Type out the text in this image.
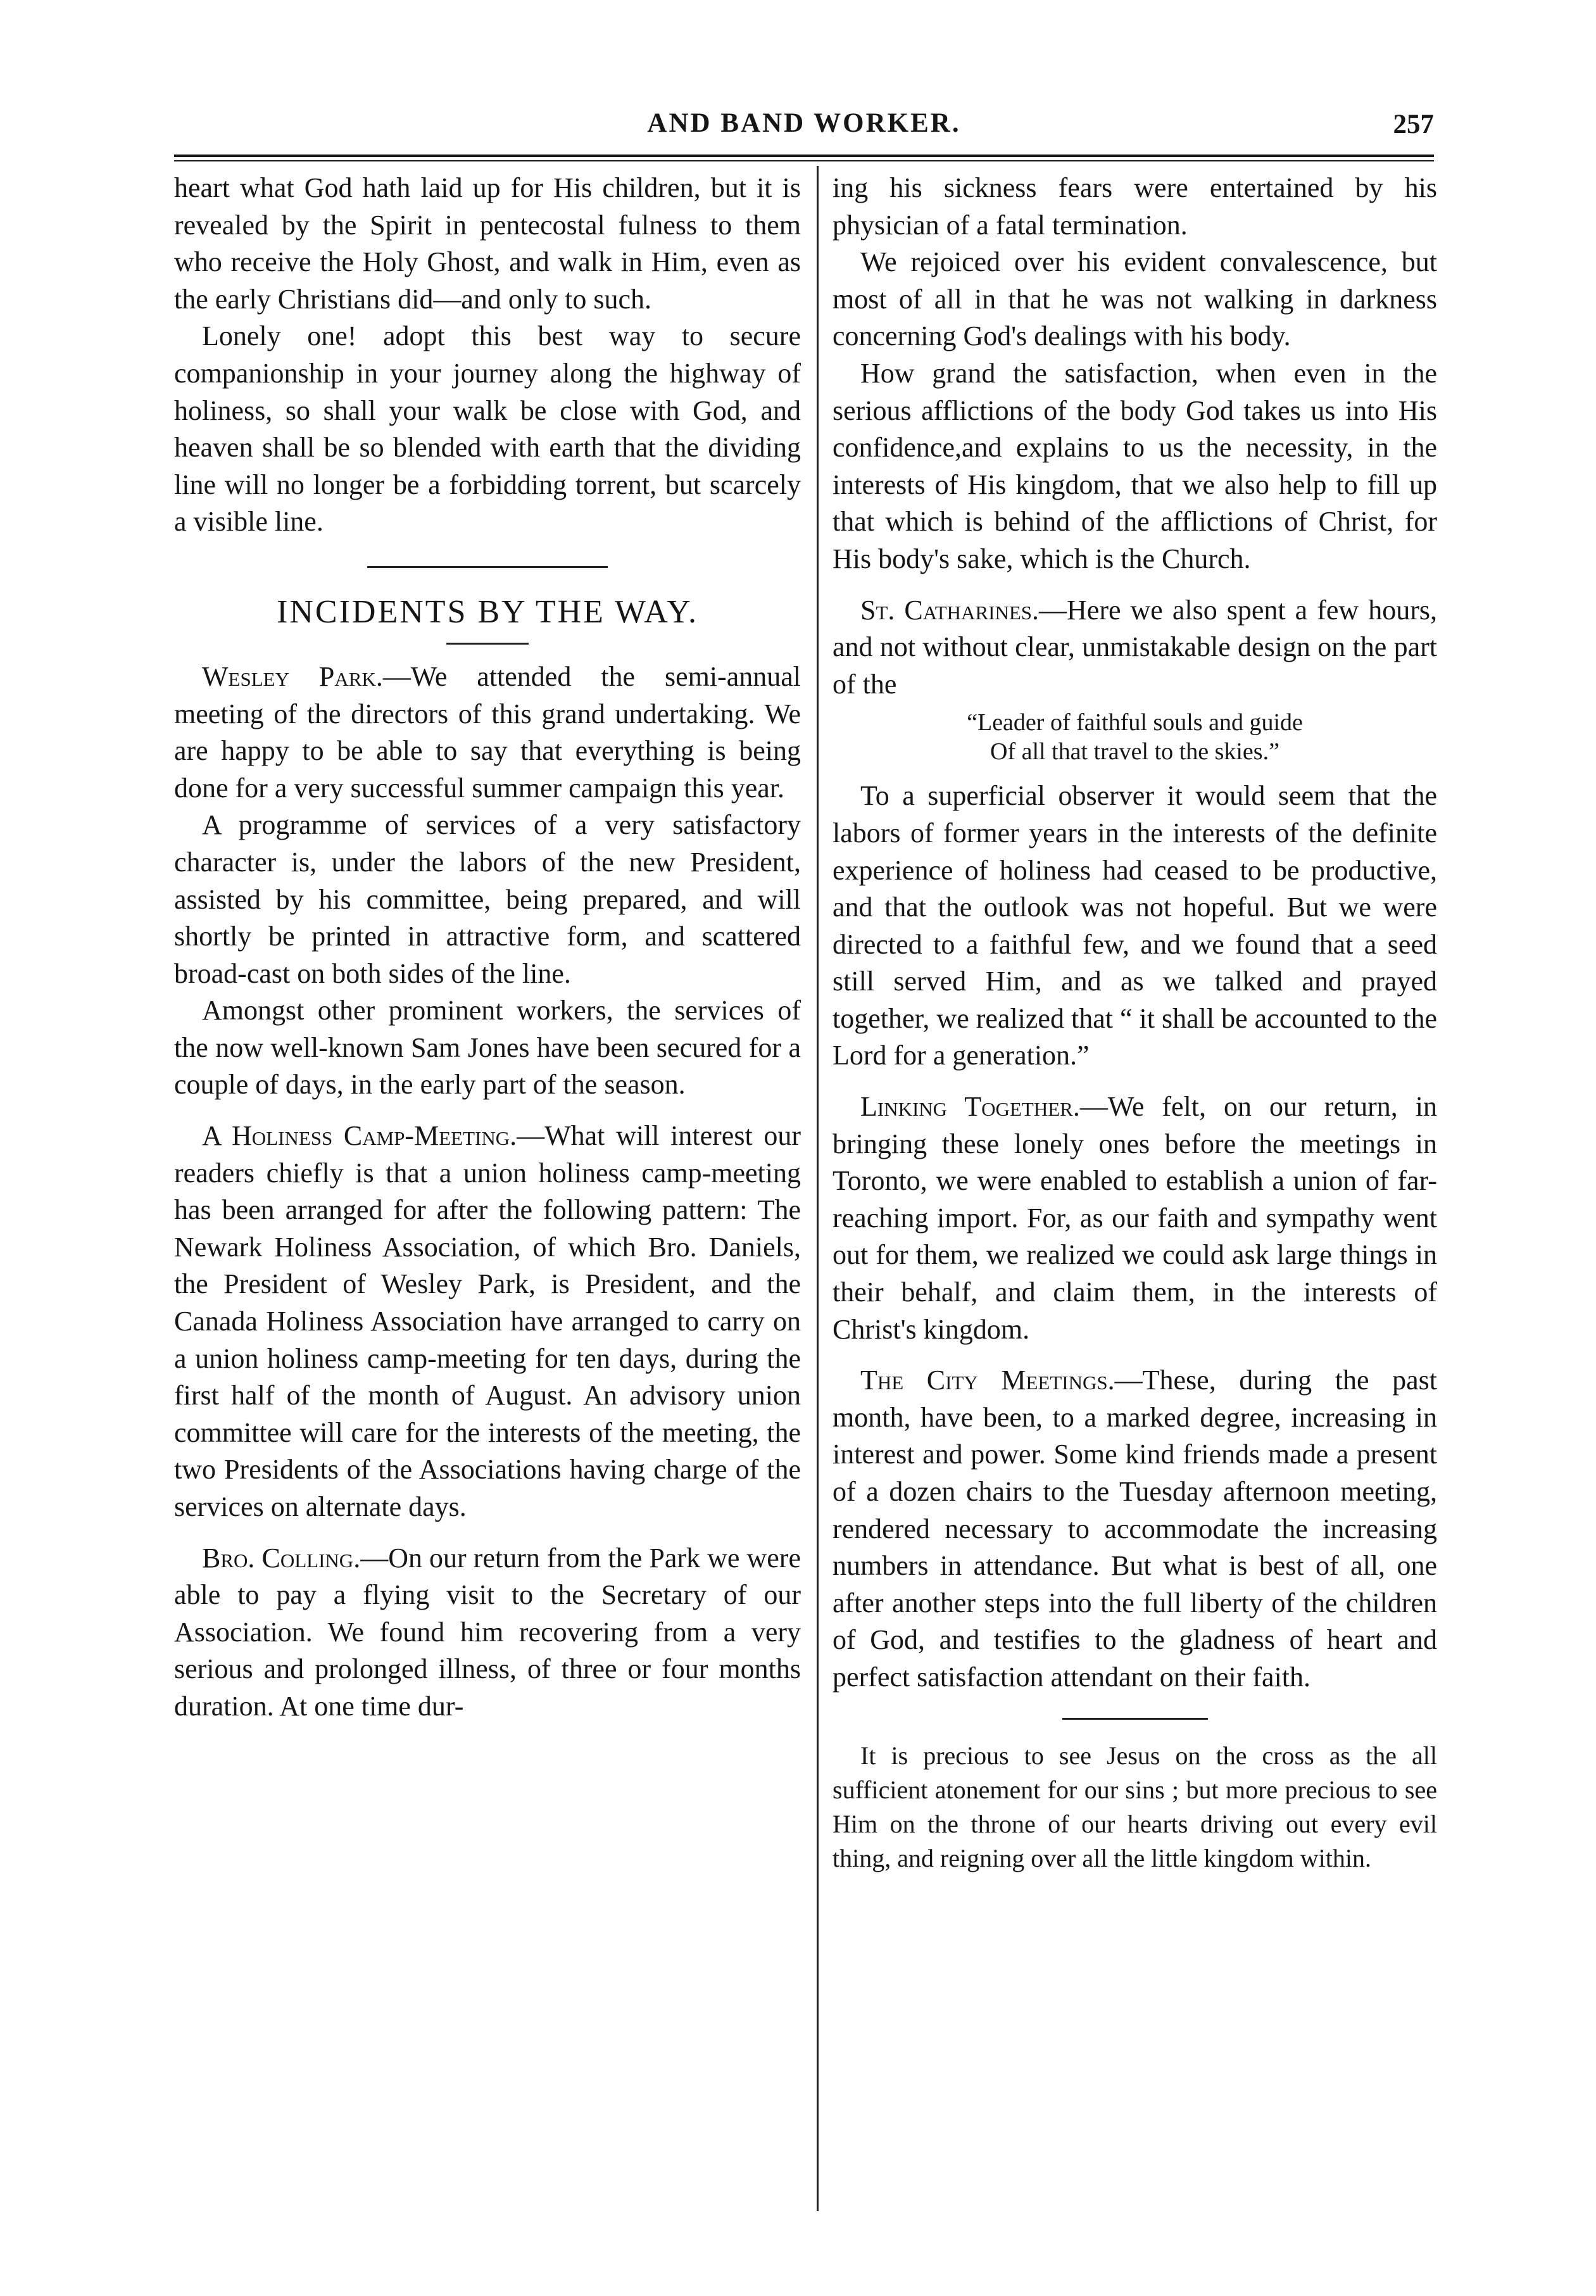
AND BAND WORKER.	257

heart what God hath laid up for His children, but it is revealed by the Spirit in pentecostal fulness to them who receive the Holy Ghost, and walk in Him, even as the early Christians did—and only to such.

Lonely one! adopt this best way to secure companionship in your journey along the highway of holiness, so shall your walk be close with God, and heaven shall be so blended with earth that the dividing line will no longer be a forbidding torrent, but scarcely a visible line.

INCIDENTS BY THE WAY.

Wesley Park.—We attended the semi-annual meeting of the directors of this grand undertaking. We are happy to be able to say that everything is being done for a very successful summer campaign this year.

A programme of services of a very satisfactory character is, under the labors of the new President, assisted by his committee, being prepared, and will shortly be printed in attractive form, and scattered broad-cast on both sides of the line.

Amongst other prominent workers, the services of the now well-known Sam Jones have been secured for a couple of days, in the early part of the season.

A Holiness Camp-Meeting.—What will interest our readers chiefly is that a union holiness camp-meeting has been arranged for after the following pattern: The Newark Holiness Association, of which Bro. Daniels, the President of Wesley Park, is President, and the Canada Holiness Association have arranged to carry on a union holiness camp-meeting for ten days, during the first half of the month of August. An advisory union committee will care for the interests of the meeting, the two Presidents of the Associations having charge of the services on alternate days.

Bro. Colling.—On our return from the Park we were able to pay a flying visit to the Secretary of our Association. We found him recovering from a very serious and prolonged illness, of three or four months duration. At one time dur-

ing his sickness fears were entertained by his physician of a fatal termination.

We rejoiced over his evident convalescence, but most of all in that he was not walking in darkness concerning God's dealings with his body.

How grand the satisfaction, when even in the serious afflictions of the body God takes us into His confidence,and explains to us the necessity, in the interests of His kingdom, that we also help to fill up that which is behind of the afflictions of Christ, for His body's sake, which is the Church.

St. Catharines.—Here we also spent a few hours, and not without clear, unmistakable design on the part of the

“Leader of faithful souls and guide
Of all that travel to the skies.”

To a superficial observer it would seem that the labors of former years in the interests of the definite experience of holiness had ceased to be productive, and that the outlook was not hopeful. But we were directed to a faithful few, and we found that a seed still served Him, and as we talked and prayed together, we realized that “ it shall be accounted to the Lord for a generation.”

Linking Together.—We felt, on our return, in bringing these lonely ones before the meetings in Toronto, we were enabled to establish a union of far-reaching import. For, as our faith and sympathy went out for them, we realized we could ask large things in their behalf, and claim them, in the interests of Christ's kingdom.

The City Meetings.—These, during the past month, have been, to a marked degree, increasing in interest and power. Some kind friends made a present of a dozen chairs to the Tuesday afternoon meeting, rendered necessary to accommodate the increasing numbers in attendance. But what is best of all, one after another steps into the full liberty of the children of God, and testifies to the gladness of heart and perfect satisfaction attendant on their faith.

It is precious to see Jesus on the cross as the all sufficient atonement for our sins ; but more precious to see Him on the throne of our hearts driving out every evil thing, and reigning over all the little kingdom within.
